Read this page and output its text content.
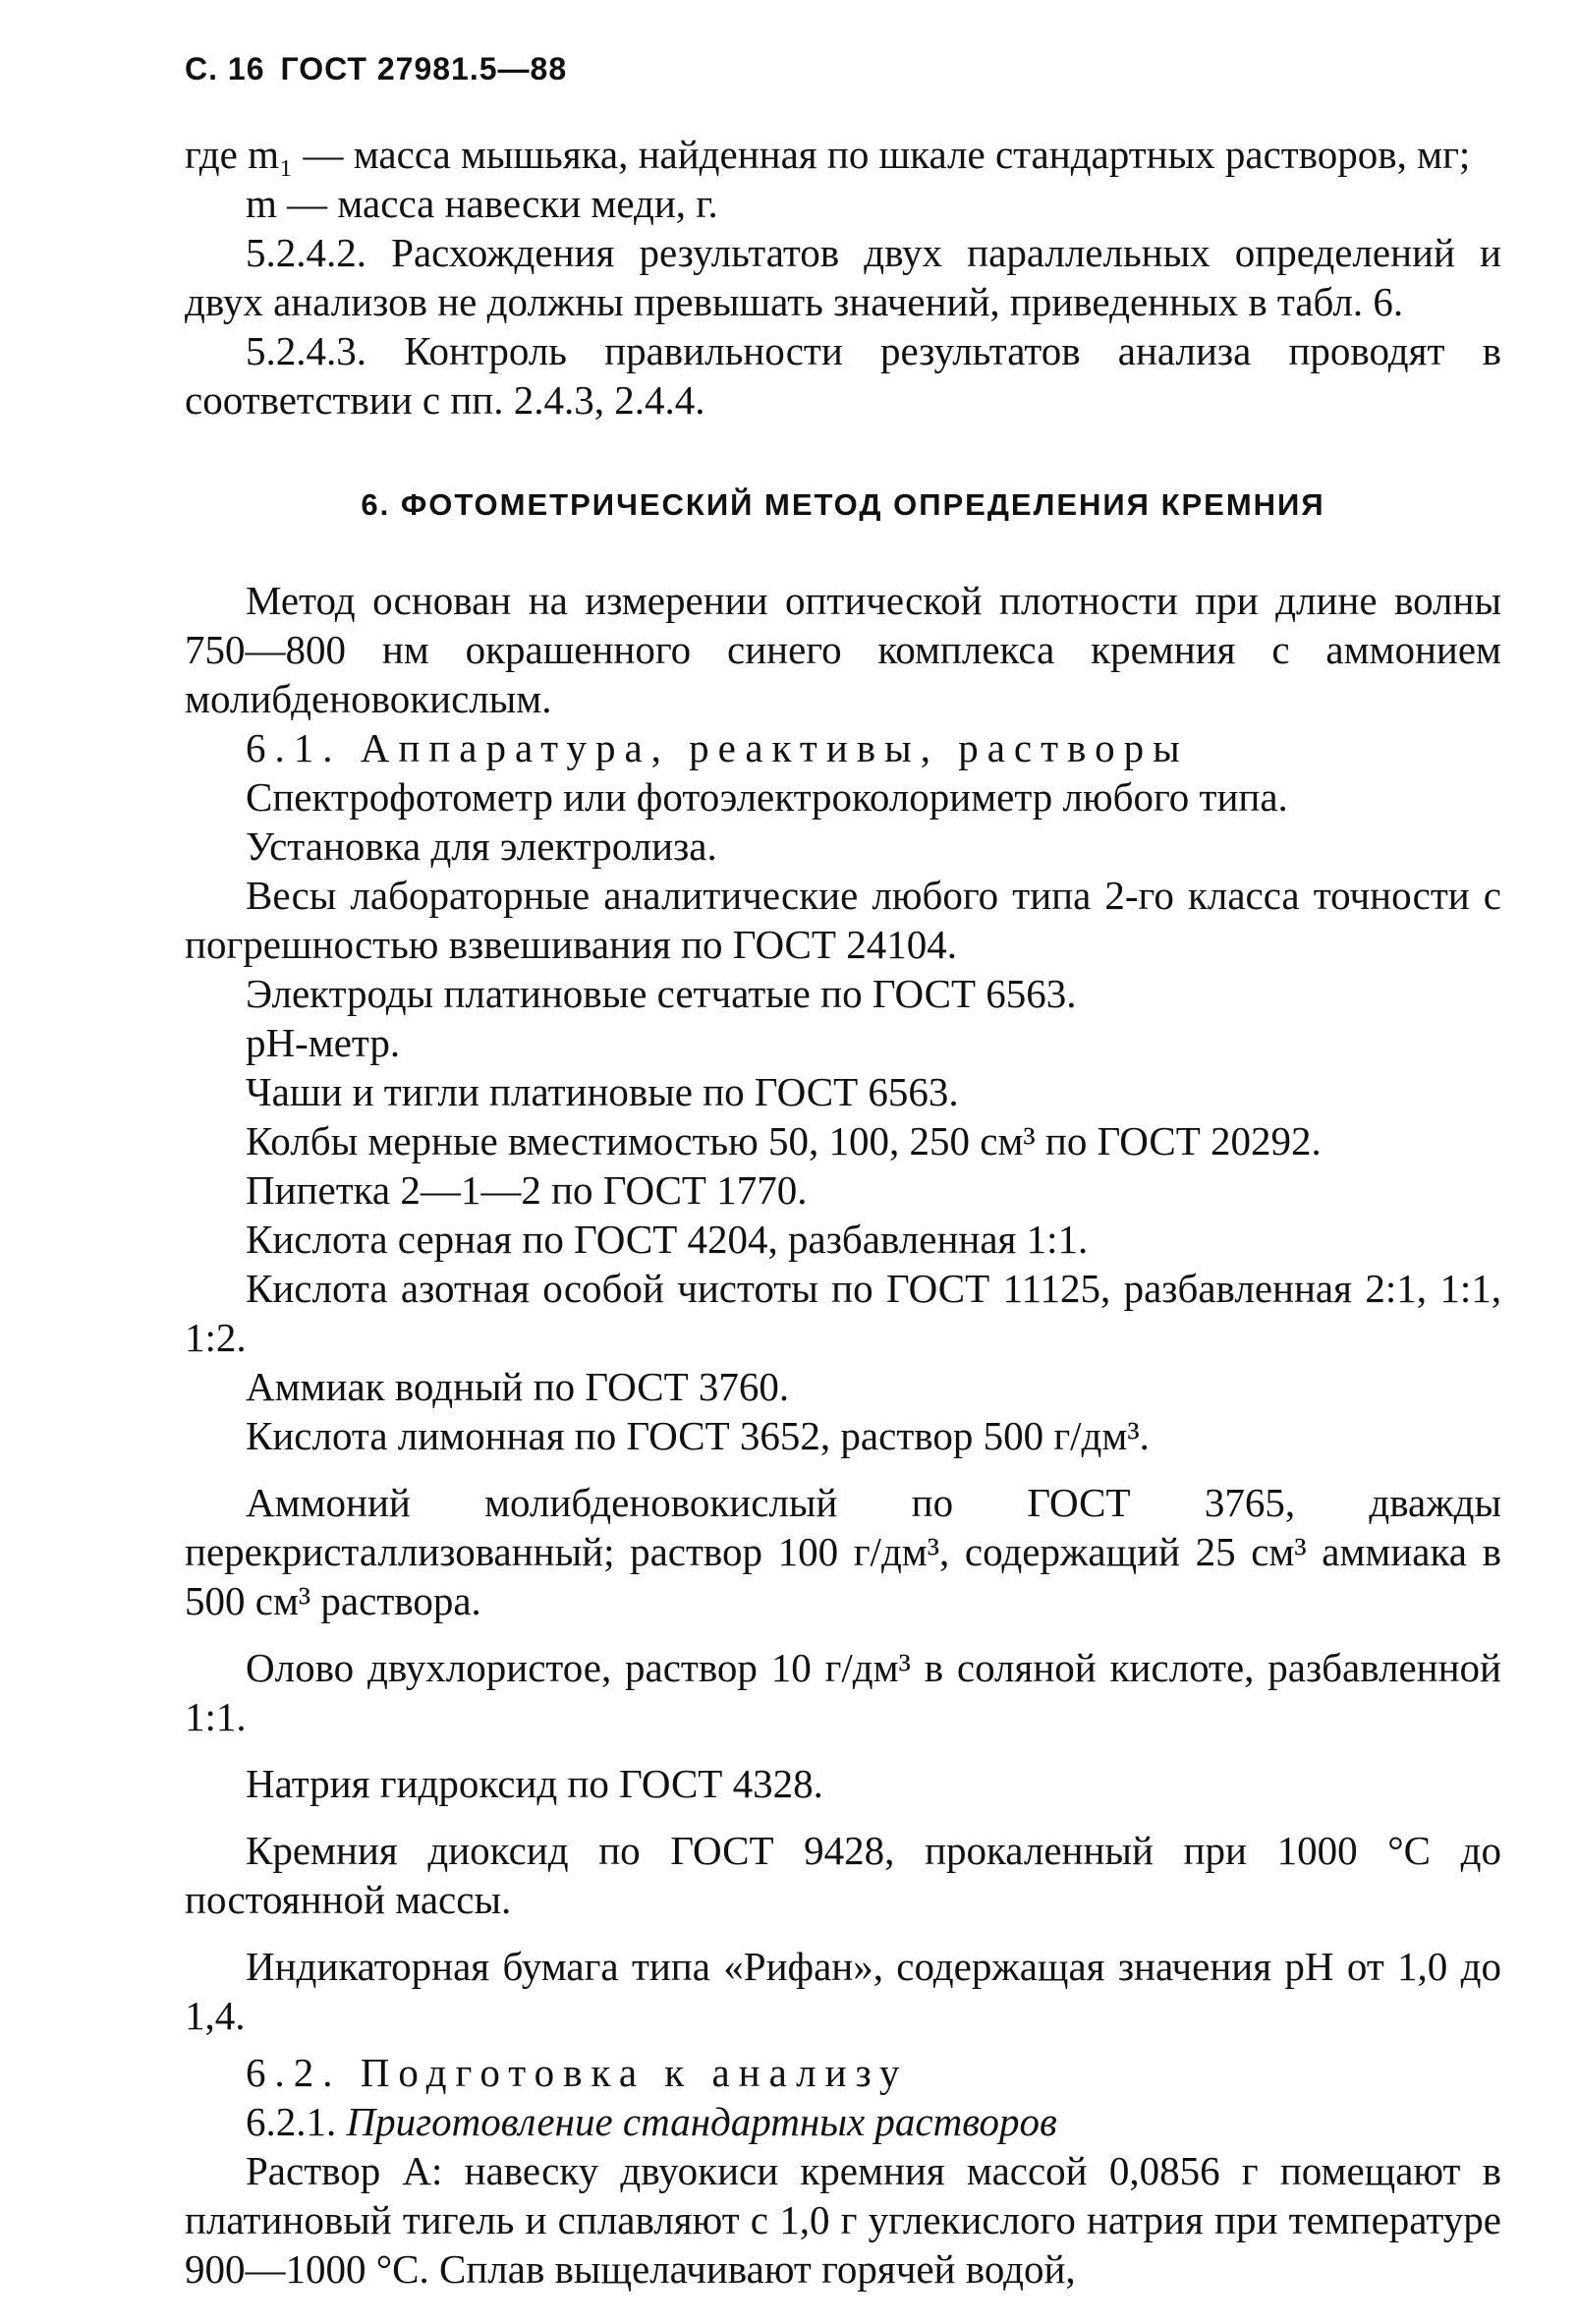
С. 16 ГОСТ 27981.5—88

где m₁ — масса мышьяка, найденная по шкале стандартных растворов, мг;

m — масса навески меди, г.

5.2.4.2. Расхождения результатов двух параллельных определений и двух анализов не должны превышать значений, приведенных в табл. 6.

5.2.4.3. Контроль правильности результатов анализа проводят в соответствии с пп. 2.4.3, 2.4.4.

6. ФОТОМЕТРИЧЕСКИЙ МЕТОД ОПРЕДЕЛЕНИЯ КРЕМНИЯ

Метод основан на измерении оптической плотности при длине волны 750—800 нм окрашенного синего комплекса кремния с аммонием молибденовокислым.

6.1. Аппаратура, реактивы, растворы

Спектрофотометр или фотоэлектроколориметр любого типа.

Установка для электролиза.

Весы лабораторные аналитические любого типа 2-го класса точности с погрешностью взвешивания по ГОСТ 24104.

Электроды платиновые сетчатые по ГОСТ 6563.

рН-метр.

Чаши и тигли платиновые по ГОСТ 6563.

Колбы мерные вместимостью 50, 100, 250 см³ по ГОСТ 20292.

Пипетка 2—1—2 по ГОСТ 1770.

Кислота серная по ГОСТ 4204, разбавленная 1:1.

Кислота азотная особой чистоты по ГОСТ 11125, разбавленная 2:1, 1:1, 1:2.

Аммиак водный по ГОСТ 3760.

Кислота лимонная по ГОСТ 3652, раствор 500 г/дм³.

Аммоний молибденовокислый по ГОСТ 3765, дважды перекристаллизованный; раствор 100 г/дм³, содержащий 25 см³ аммиака в 500 см³ раствора.

Олово двухлористое, раствор 10 г/дм³ в соляной кислоте, разбавленной 1:1.

Натрия гидроксид по ГОСТ 4328.

Кремния диоксид по ГОСТ 9428, прокаленный при 1000 °С до постоянной массы.

Индикаторная бумага типа «Рифан», содержащая значения рН от 1,0 до 1,4.

6.2. Подготовка к анализу

6.2.1. Приготовление стандартных растворов

Раствор А: навеску двуокиси кремния массой 0,0856 г помещают в платиновый тигель и сплавляют с 1,0 г углекислого натрия при температуре 900—1000 °С. Сплав выщелачивают горячей водой,
